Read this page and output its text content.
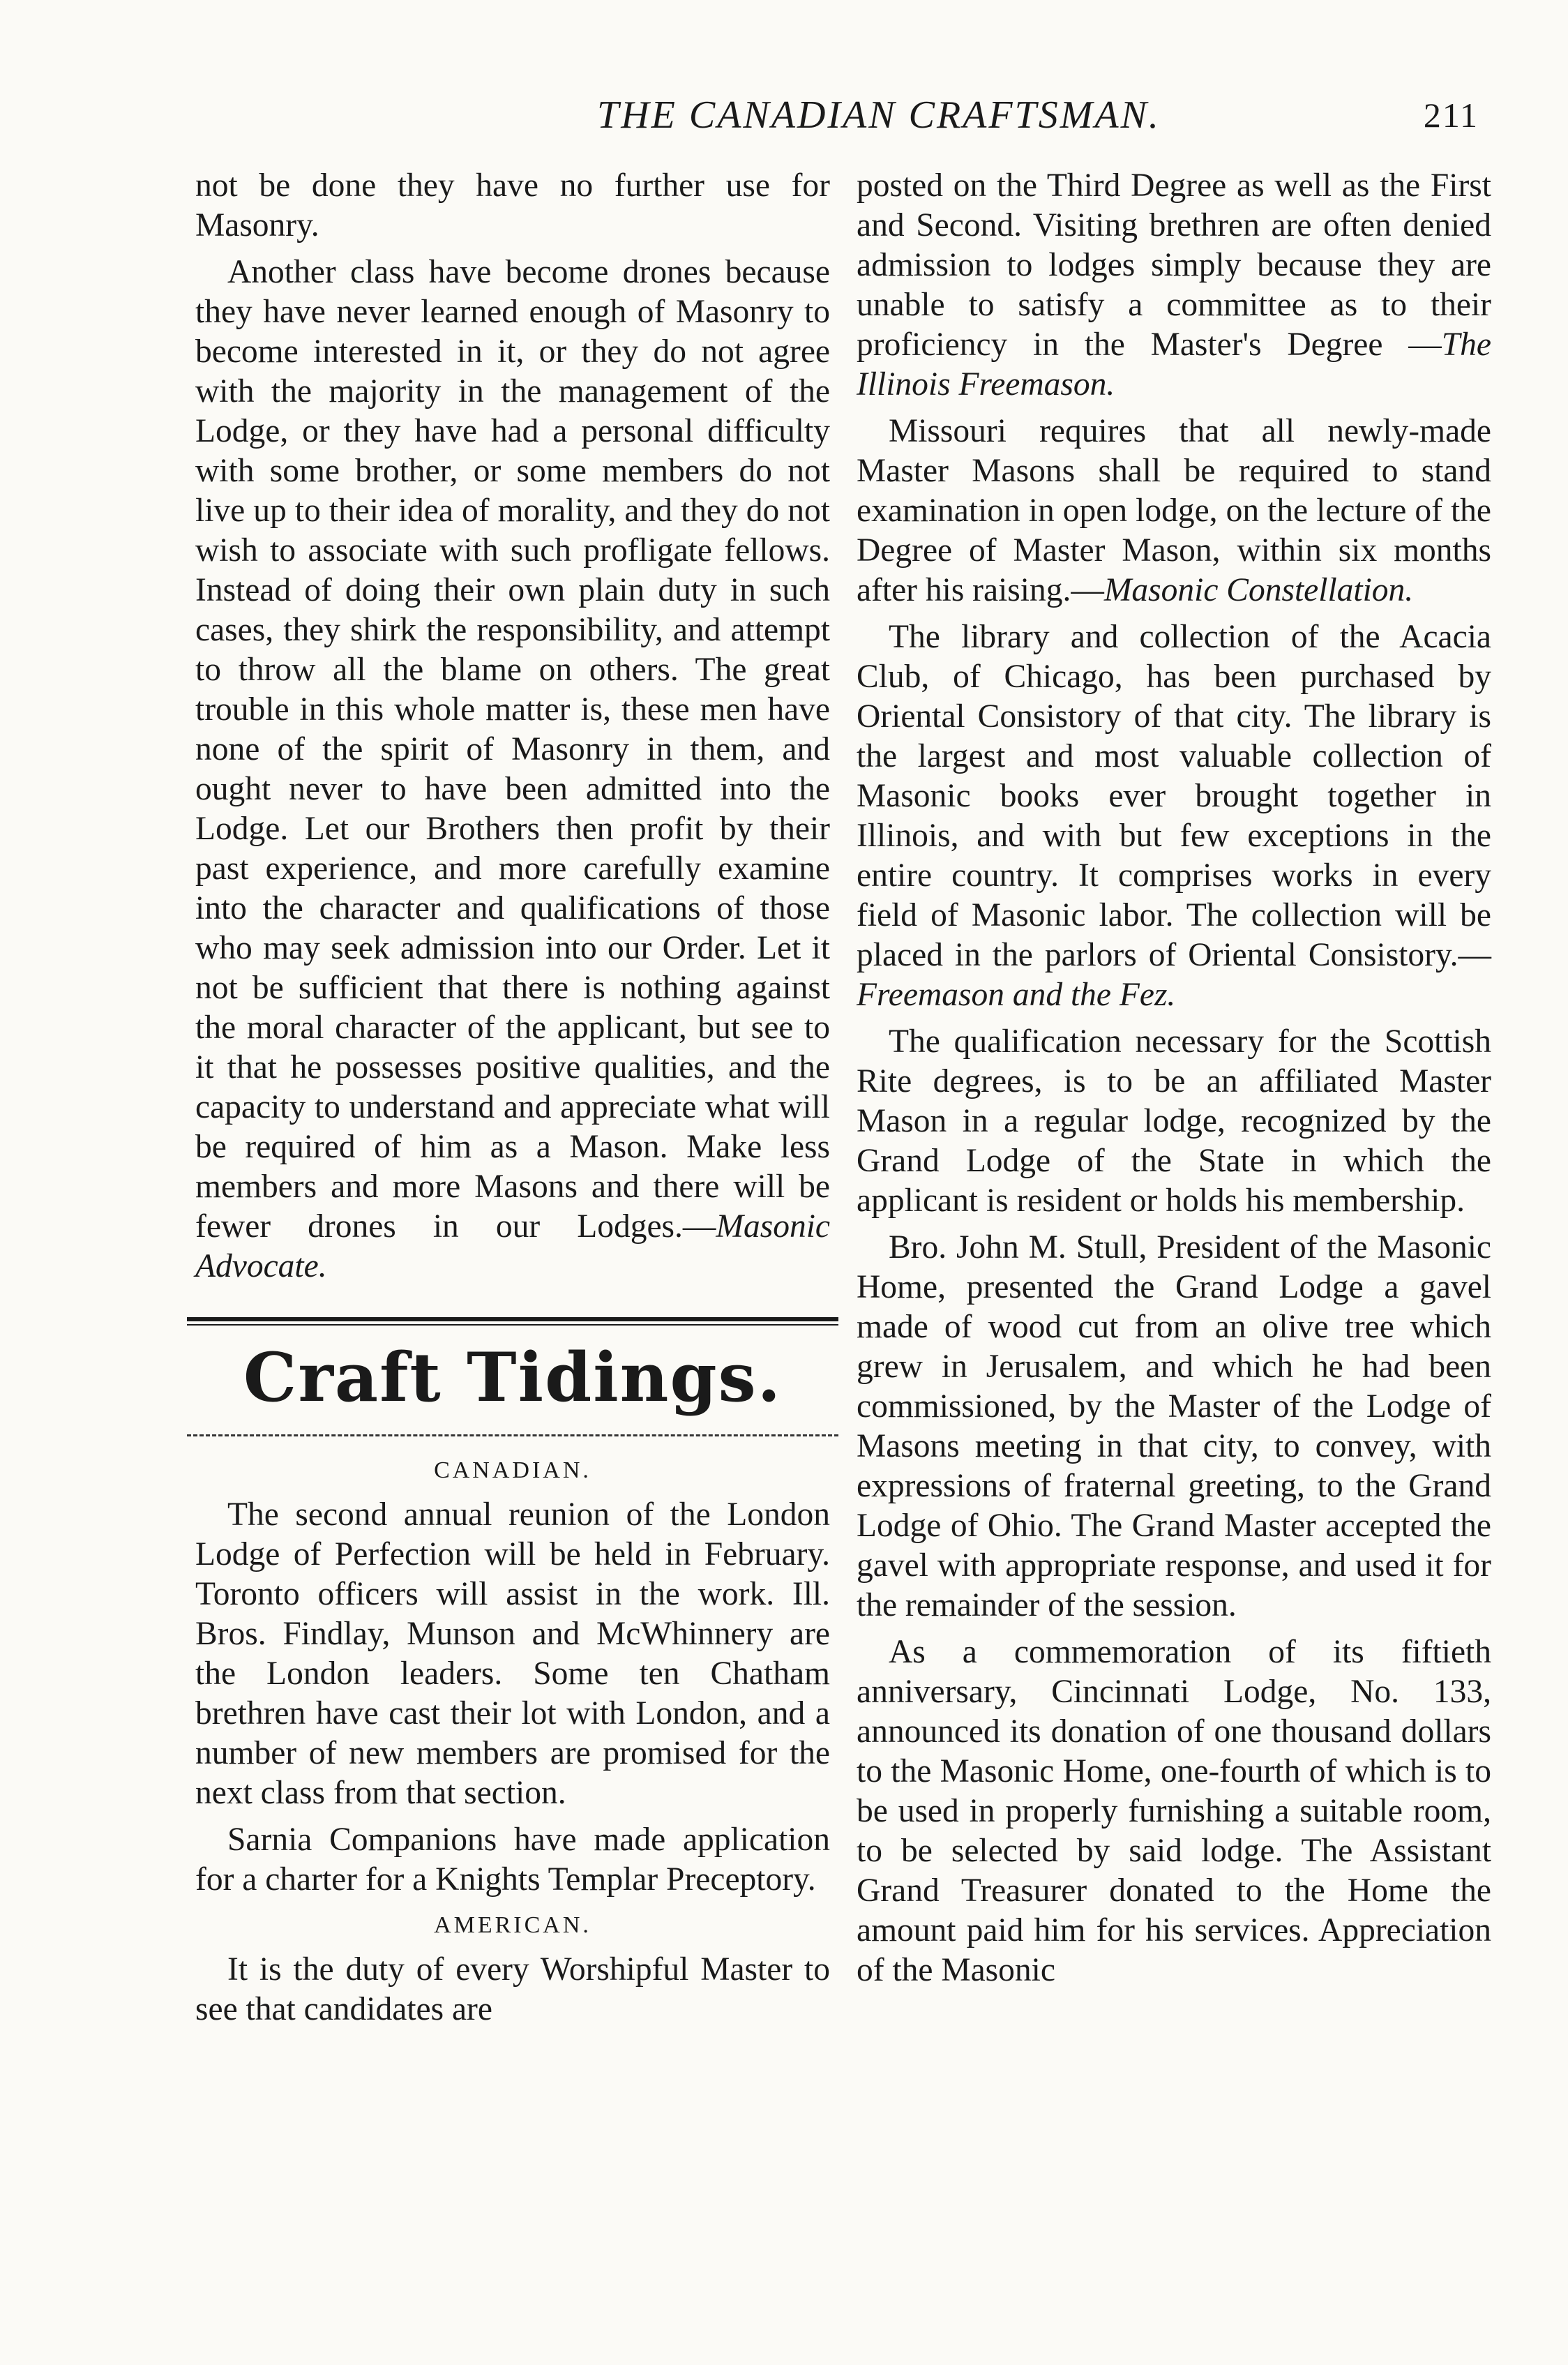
THE CANADIAN CRAFTSMAN.	211

not be done they have no further use for Masonry.

Another class have become drones because they have never learned enough of Masonry to become interested in it, or they do not agree with the majority in the management of the Lodge, or they have had a personal difficulty with some brother, or some members do not live up to their idea of morality, and they do not wish to associate with such profligate fellows. Instead of doing their own plain duty in such cases, they shirk the responsibility, and attempt to throw all the blame on others. The great trouble in this whole matter is, these men have none of the spirit of Masonry in them, and ought never to have been admitted into the Lodge. Let our Brothers then profit by their past experience, and more carefully examine into the character and qualifications of those who may seek admission into our Order. Let it not be sufficient that there is nothing against the moral character of the applicant, but see to it that he possesses positive qualities, and the capacity to understand and appreciate what will be required of him as a Mason. Make less members and more Masons and there will be fewer drones in our Lodges.—Masonic Advocate.

Craft Tidings.
CANADIAN.

The second annual reunion of the London Lodge of Perfection will be held in February. Toronto officers will assist in the work. Ill. Bros. Findlay, Munson and McWhinnery are the London leaders. Some ten Chatham brethren have cast their lot with London, and a number of new members are promised for the next class from that section.

Sarnia Companions have made application for a charter for a Knights Templar Preceptory.

AMERICAN.

It is the duty of every Worshipful Master to see that candidates are

posted on the Third Degree as well as the First and Second. Visiting brethren are often denied admission to lodges simply because they are unable to satisfy a committee as to their proficiency in the Master's Degree —The Illinois Freemason.

Missouri requires that all newly-made Master Masons shall be required to stand examination in open lodge, on the lecture of the Degree of Master Mason, within six months after his raising.—Masonic Constellation.

The library and collection of the Acacia Club, of Chicago, has been purchased by Oriental Consistory of that city. The library is the largest and most valuable collection of Masonic books ever brought together in Illinois, and with but few exceptions in the entire country. It comprises works in every field of Masonic labor. The collection will be placed in the parlors of Oriental Consistory.—Freemason and the Fez.

The qualification necessary for the Scottish Rite degrees, is to be an affiliated Master Mason in a regular lodge, recognized by the Grand Lodge of the State in which the applicant is resident or holds his membership.

Bro. John M. Stull, President of the Masonic Home, presented the Grand Lodge a gavel made of wood cut from an olive tree which grew in Jerusalem, and which he had been commissioned, by the Master of the Lodge of Masons meeting in that city, to convey, with expressions of fraternal greeting, to the Grand Lodge of Ohio. The Grand Master accepted the gavel with appropriate response, and used it for the remainder of the session.

As a commemoration of its fiftieth anniversary, Cincinnati Lodge, No. 133, announced its donation of one thousand dollars to the Masonic Home, one-fourth of which is to be used in properly furnishing a suitable room, to be selected by said lodge. The Assistant Grand Treasurer donated to the Home the amount paid him for his services. Appreciation of the Masonic
